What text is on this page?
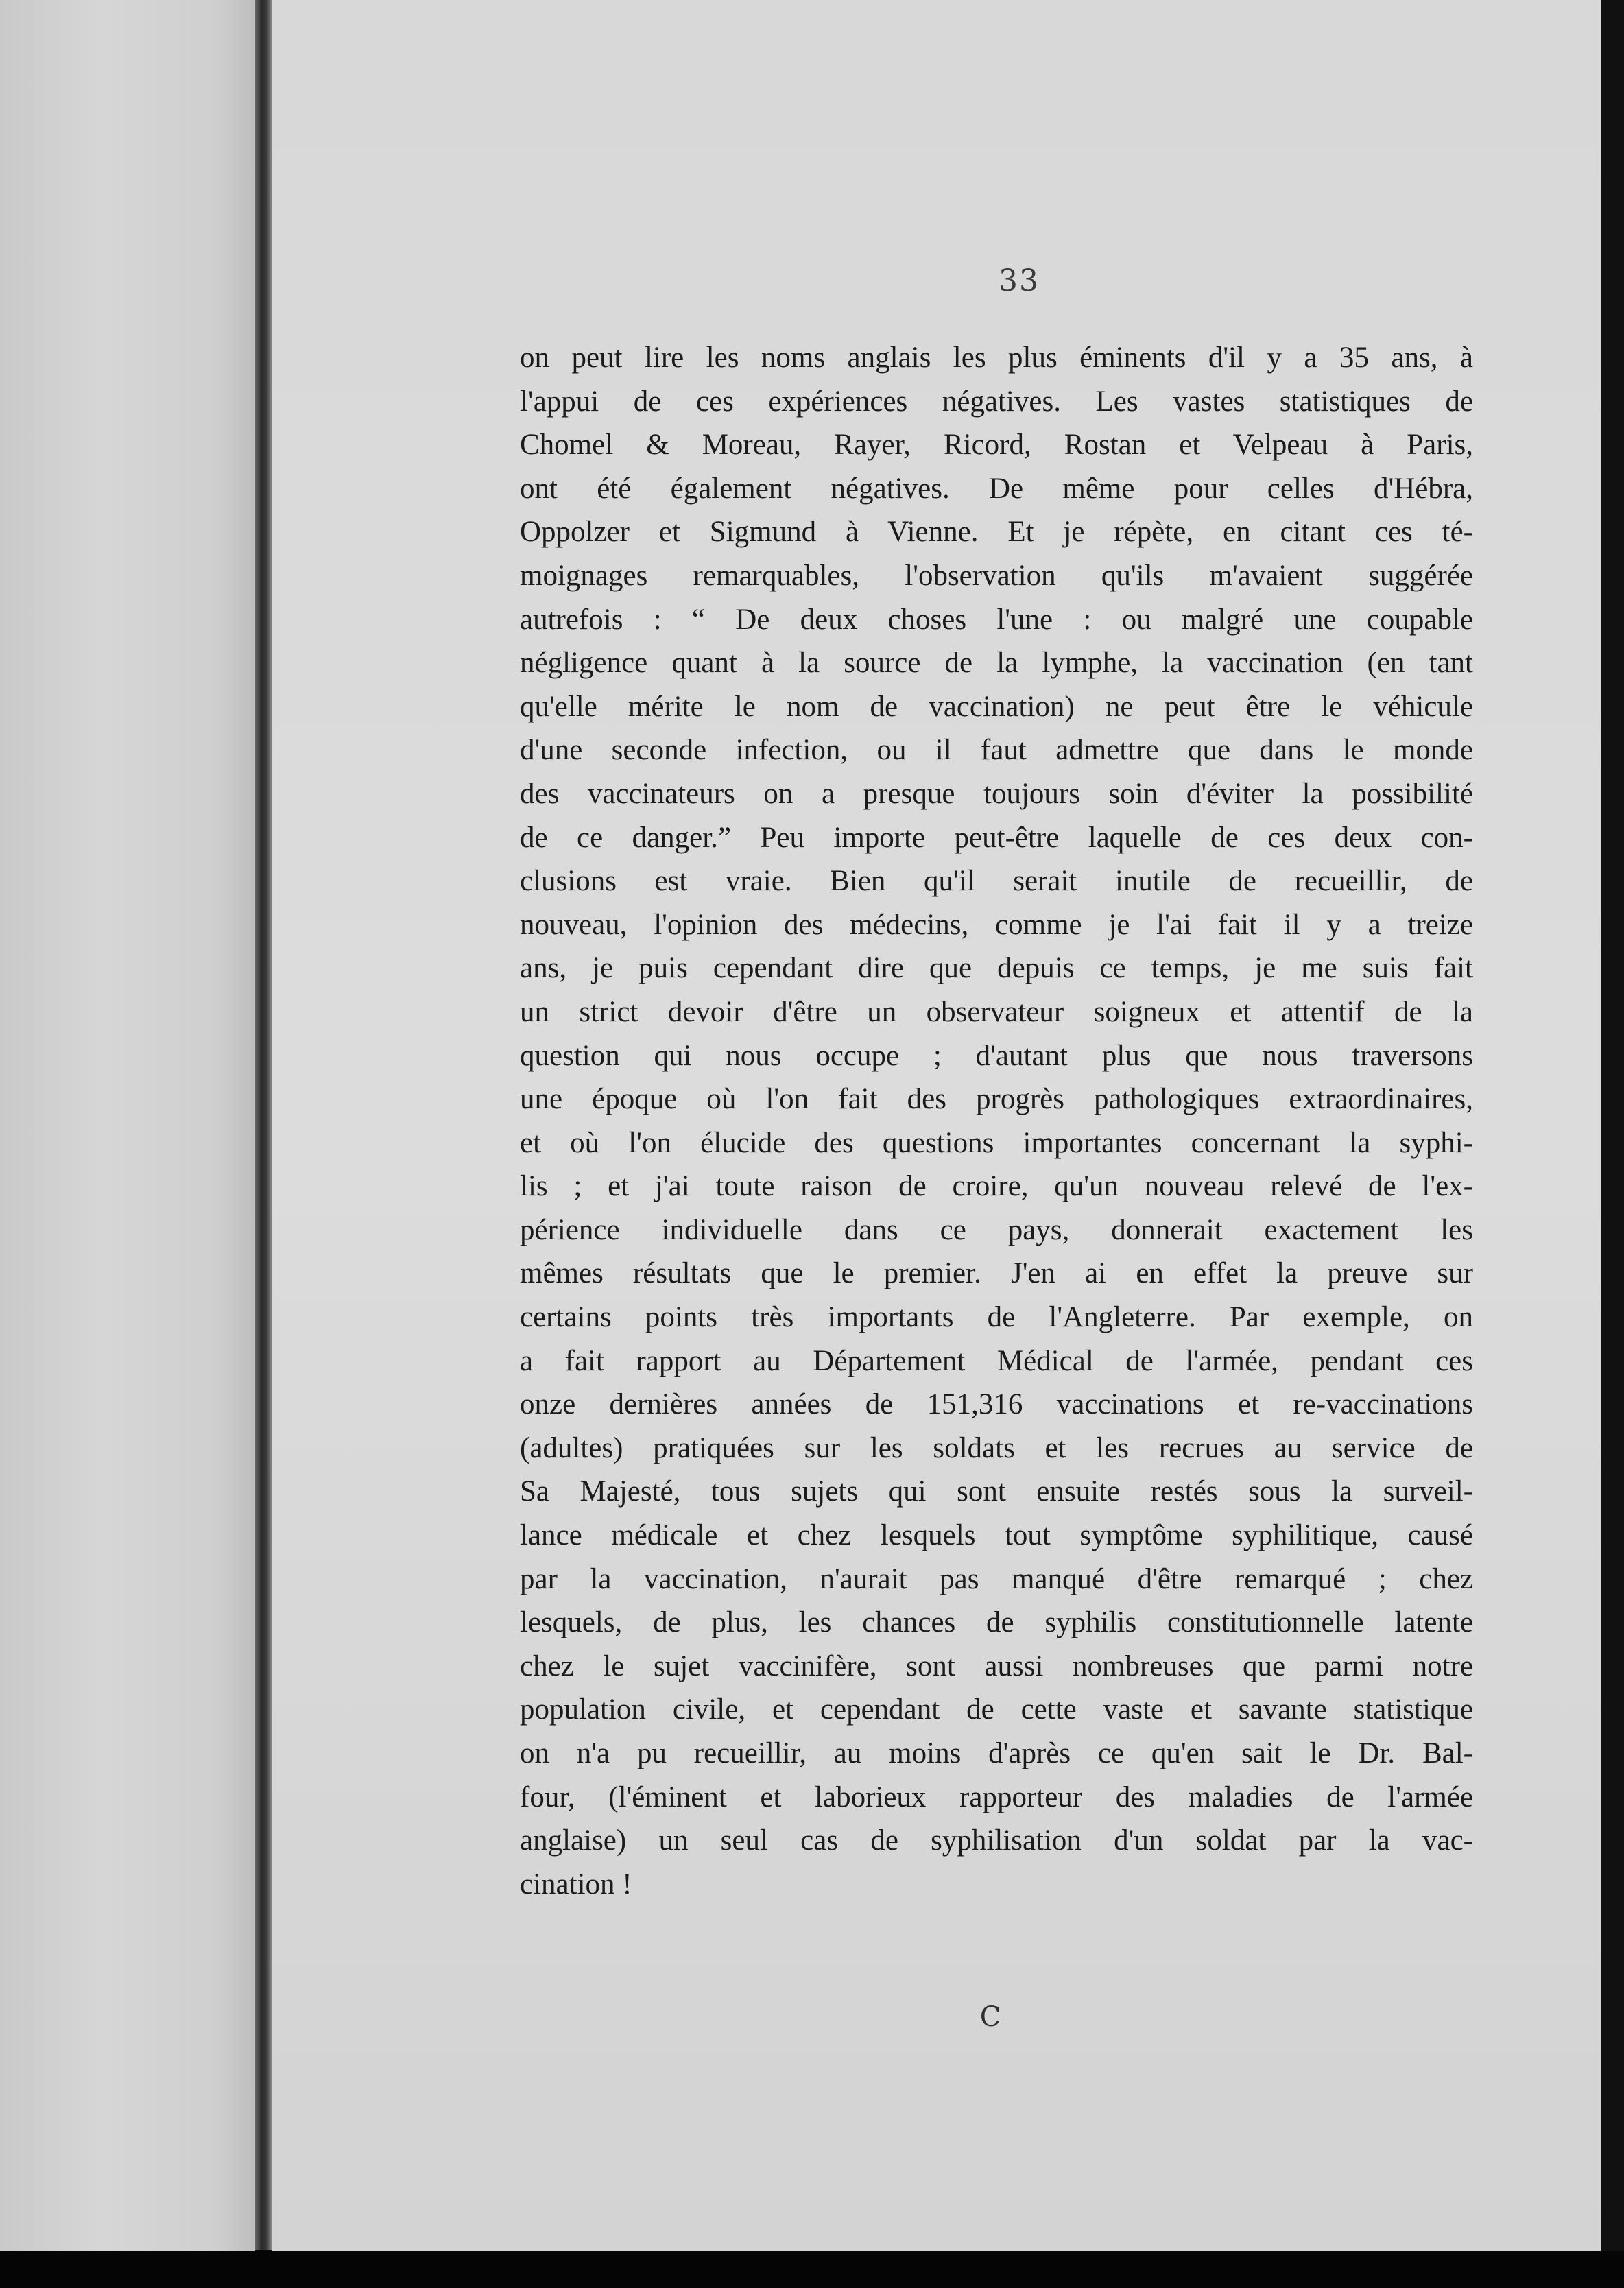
33
on peut lire les noms anglais les plus éminents d'il y a 35 ans, à
l'appui de ces expériences négatives. Les vastes statistiques de
Chomel & Moreau, Rayer, Ricord, Rostan et Velpeau à Paris,
ont été également négatives. De même pour celles d'Hébra,
Oppolzer et Sigmund à Vienne. Et je répète, en citant ces té-
moignages remarquables, l'observation qu'ils m'avaient suggérée
autrefois : “ De deux choses l'une : ou malgré une coupable
négligence quant à la source de la lymphe, la vaccination (en tant
qu'elle mérite le nom de vaccination) ne peut être le véhicule
d'une seconde infection, ou il faut admettre que dans le monde
des vaccinateurs on a presque toujours soin d'éviter la possibilité
de ce danger.” Peu importe peut-être laquelle de ces deux con-
clusions est vraie. Bien qu'il serait inutile de recueillir, de
nouveau, l'opinion des médecins, comme je l'ai fait il y a treize
ans, je puis cependant dire que depuis ce temps, je me suis fait
un strict devoir d'être un observateur soigneux et attentif de la
question qui nous occupe ; d'autant plus que nous traversons
une époque où l'on fait des progrès pathologiques extraordinaires,
et où l'on élucide des questions importantes concernant la syphi-
lis ; et j'ai toute raison de croire, qu'un nouveau relevé de l'ex-
périence individuelle dans ce pays, donnerait exactement les
mêmes résultats que le premier. J'en ai en effet la preuve sur
certains points très importants de l'Angleterre. Par exemple, on
a fait rapport au Département Médical de l'armée, pendant ces
onze dernières années de 151,316 vaccinations et re-vaccinations
(adultes) pratiquées sur les soldats et les recrues au service de
Sa Majesté, tous sujets qui sont ensuite restés sous la surveil-
lance médicale et chez lesquels tout symptôme syphilitique, causé
par la vaccination, n'aurait pas manqué d'être remarqué ; chez
lesquels, de plus, les chances de syphilis constitutionnelle latente
chez le sujet vaccinifère, sont aussi nombreuses que parmi notre
population civile, et cependant de cette vaste et savante statistique
on n'a pu recueillir, au moins d'après ce qu'en sait le Dr. Bal-
four, (l'éminent et laborieux rapporteur des maladies de l'armée
anglaise) un seul cas de syphilisation d'un soldat par la vac-
cination !
C
